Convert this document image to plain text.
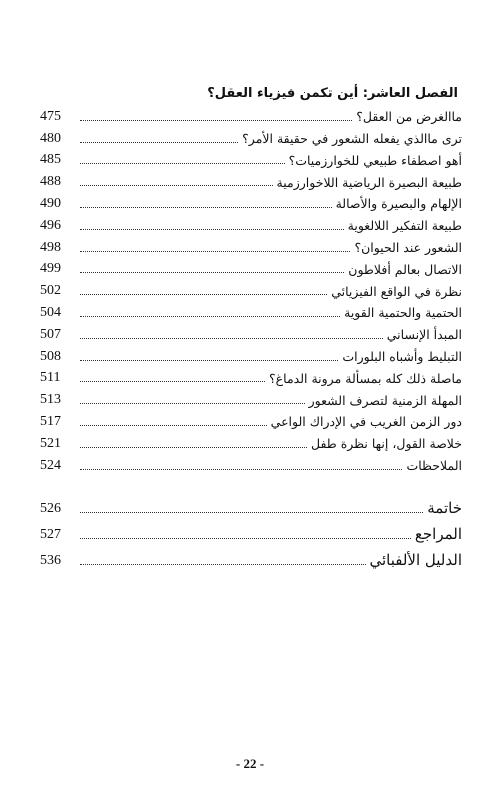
الفصل العاشر: أين تكمن فيزياء العقل؟
475	ماالغرض من العقل؟
480	ترى ماالذي يفعله الشعور في حقيقة الأمر؟
485	أهو اصطفاء طبيعي للخوارزميات؟
488	طبيعة البصيرة الرياضية اللاخوارزمية
490	الإلهام والبصيرة والأصالة
496	طبيعة التفكير اللالغوية
498	الشعور عند الحيوان؟
499	الاتصال بعالم أفلاطون
502	نظرة في الواقع الفيزيائي
504	الحتمية والحتمية القوية
507	المبدأ الإنساني
508	التبليط وأشباه البلورات
511	ماصلة ذلك كله بمسألة مرونة الدماغ؟
513	المهلة الزمنية لتصرف الشعور
517	دور الزمن الغريب في الإدراك الواعي
521	خلاصة القول، إنها نظرة طفل
524	الملاحظات
526	خاتمة
527	المراجع
536	الدليل الألفبائي
- 22 -
